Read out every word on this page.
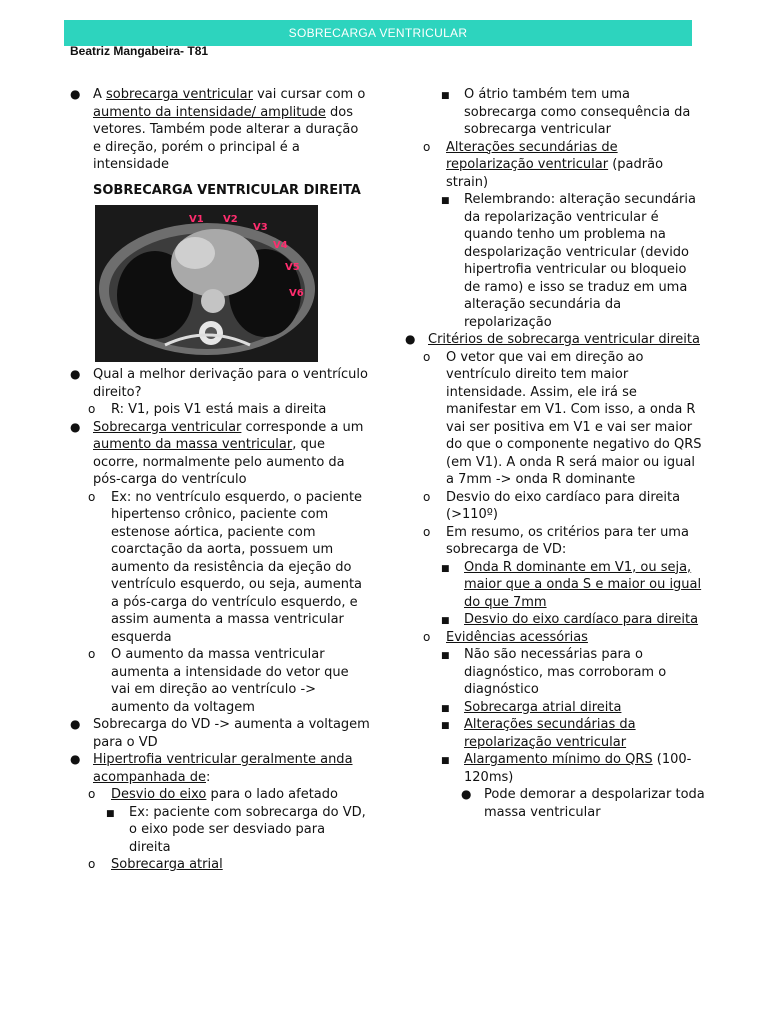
SOBRECARGA VENTRICULAR
Beatriz Mangabeira- T81
● A sobrecarga ventricular vai cursar com o aumento da intensidade/ amplitude dos vetores. Também pode alterar a duração e direção, porém o principal é a intensidade
SOBRECARGA VENTRICULAR DIREITA
V1 V2
V3
V4
V5
V6
● Qual a melhor derivação para o ventrículo direito?
o R: V1, pois V1 está mais a direita
● Sobrecarga ventricular corresponde a um aumento da massa ventricular, que ocorre, normalmente pelo aumento da pós-carga do ventrículo
o Ex: no ventrículo esquerdo, o paciente hipertenso crônico, paciente com estenose aórtica, paciente com coarctação da aorta, possuem um aumento da resistência da ejeção do ventrículo esquerdo, ou seja, aumenta a pós-carga do ventrículo esquerdo, e assim aumenta a massa ventricular esquerda
o O aumento da massa ventricular aumenta a intensidade do vetor que vai em direção ao ventrículo -> aumento da voltagem
● Sobrecarga do VD -> aumenta a voltagem para o VD
● Hipertrofia ventricular geralmente anda acompanhada de:
o Desvio do eixo para o lado afetado
■ Ex: paciente com sobrecarga do VD, o eixo pode ser desviado para direita
o Sobrecarga atrial
■ O átrio também tem uma sobrecarga como consequência da sobrecarga ventricular
o Alterações secundárias de repolarização ventricular (padrão strain)
■ Relembrando: alteração secundária da repolarização ventricular é quando tenho um problema na despolarização ventricular (devido hipertrofia ventricular ou bloqueio de ramo) e isso se traduz em uma alteração secundária da repolarização
● Critérios de sobrecarga ventricular direita
o O vetor que vai em direção ao ventrículo direito tem maior intensidade. Assim, ele irá se manifestar em V1. Com isso, a onda R vai ser positiva em V1 e vai ser maior do que o componente negativo do QRS (em V1). A onda R será maior ou igual a 7mm -> onda R dominante
o Desvio do eixo cardíaco para direita (>110º)
o Em resumo, os critérios para ter uma sobrecarga de VD:
■ Onda R dominante em V1, ou seja, maior que a onda S e maior ou igual do que 7mm
■ Desvio do eixo cardíaco para direita
o Evidências acessórias
■ Não são necessárias para o diagnóstico, mas corroboram o diagnóstico
■ Sobrecarga atrial direita
■ Alterações secundárias da repolarização ventricular
■ Alargamento mínimo do QRS (100-120ms)
● Pode demorar a despolarizar toda massa ventricular
